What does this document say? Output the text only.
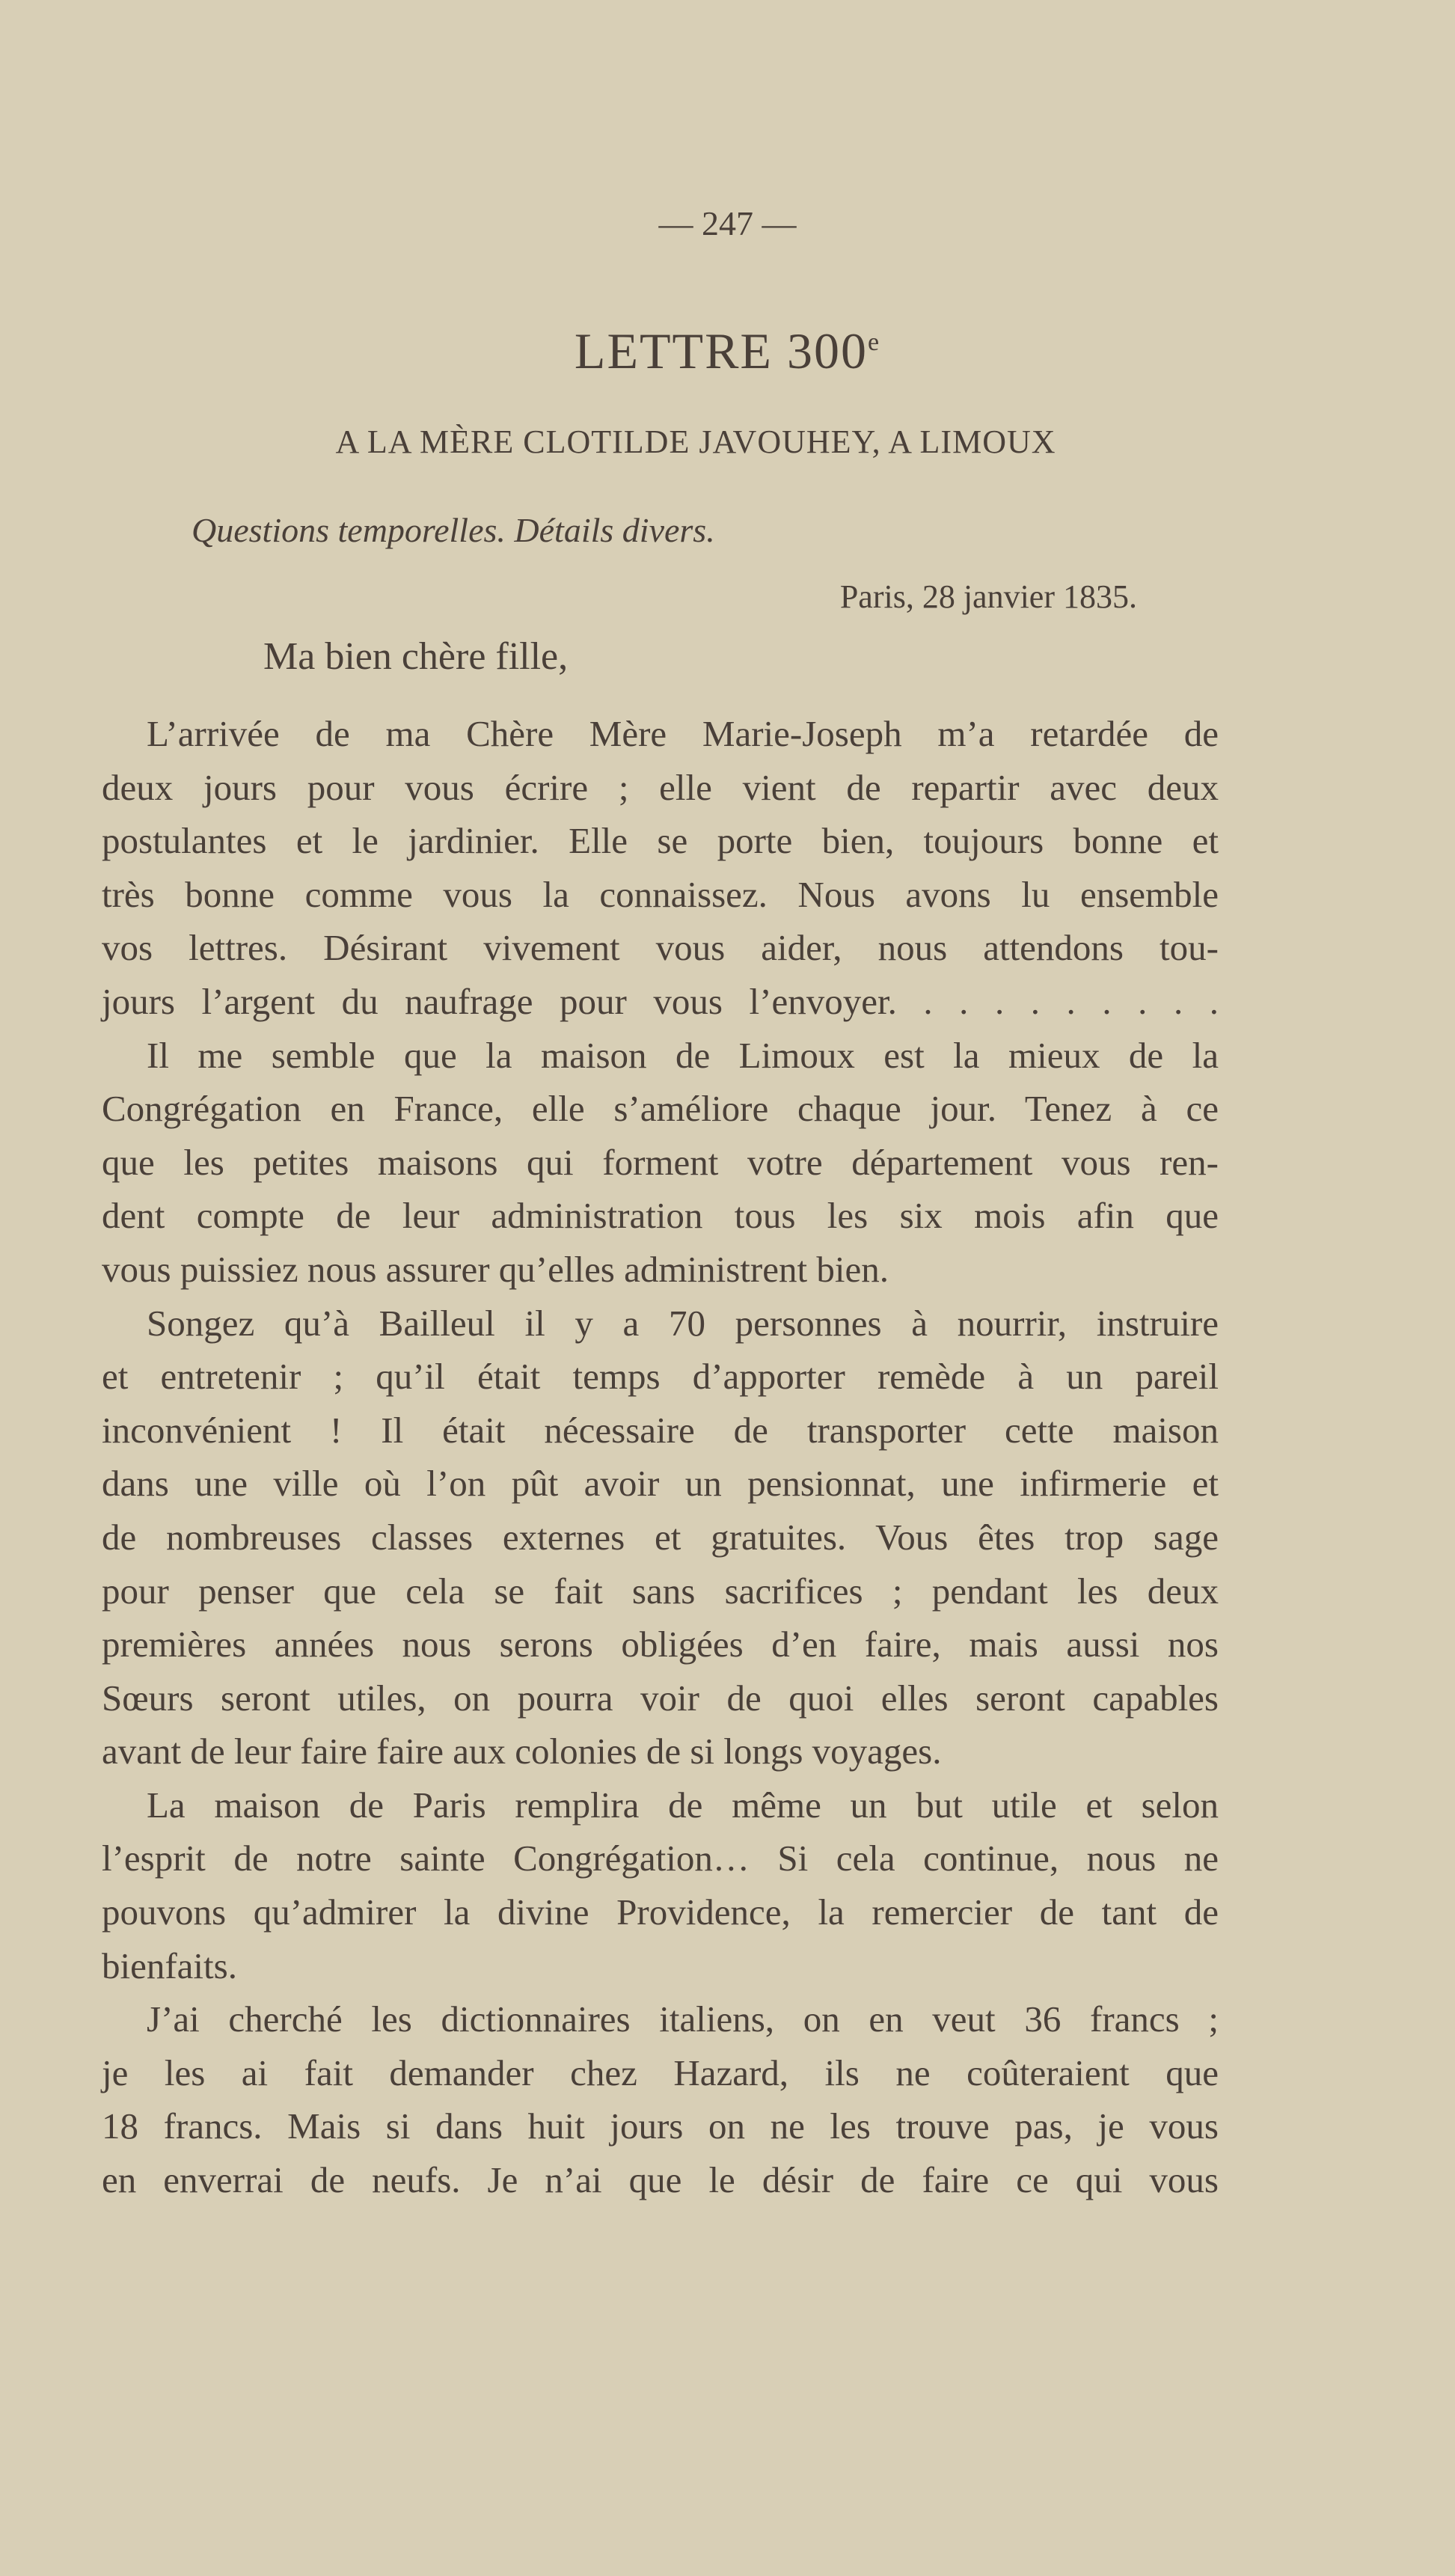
— 247 —
LETTRE 300e
A LA MÈRE CLOTILDE JAVOUHEY, A LIMOUX
Questions temporelles. Détails divers.
Paris, 28 janvier 1835.
Ma bien chère fille,
L’arrivée de ma Chère Mère Marie-Joseph m’a retardée de
deux jours pour vous écrire ; elle vient de repartir avec deux
postulantes et le jardinier. Elle se porte bien, toujours bonne et
très bonne comme vous la connaissez. Nous avons lu ensemble
vos lettres. Désirant vivement vous aider, nous attendons tou-
jours l’argent du naufrage pour vous l’envoyer. . . . . . . . . .
Il me semble que la maison de Limoux est la mieux de la
Congrégation en France, elle s’améliore chaque jour. Tenez à ce
que les petites maisons qui forment votre département vous ren-
dent compte de leur administration tous les six mois afin que
vous puissiez nous assurer qu’elles administrent bien.
Songez qu’à Bailleul il y a 70 personnes à nourrir, instruire
et entretenir ; qu’il était temps d’apporter remède à un pareil
inconvénient ! Il était nécessaire de transporter cette maison
dans une ville où l’on pût avoir un pensionnat, une infirmerie et
de nombreuses classes externes et gratuites. Vous êtes trop sage
pour penser que cela se fait sans sacrifices ; pendant les deux
premières années nous serons obligées d’en faire, mais aussi nos
Sœurs seront utiles, on pourra voir de quoi elles seront capables
avant de leur faire faire aux colonies de si longs voyages.
La maison de Paris remplira de même un but utile et selon
l’esprit de notre sainte Congrégation… Si cela continue, nous ne
pouvons qu’admirer la divine Providence, la remercier de tant de
bienfaits.
J’ai cherché les dictionnaires italiens, on en veut 36 francs ;
je les ai fait demander chez Hazard, ils ne coûteraient que
18 francs. Mais si dans huit jours on ne les trouve pas, je vous
en enverrai de neufs. Je n’ai que le désir de faire ce qui vous
